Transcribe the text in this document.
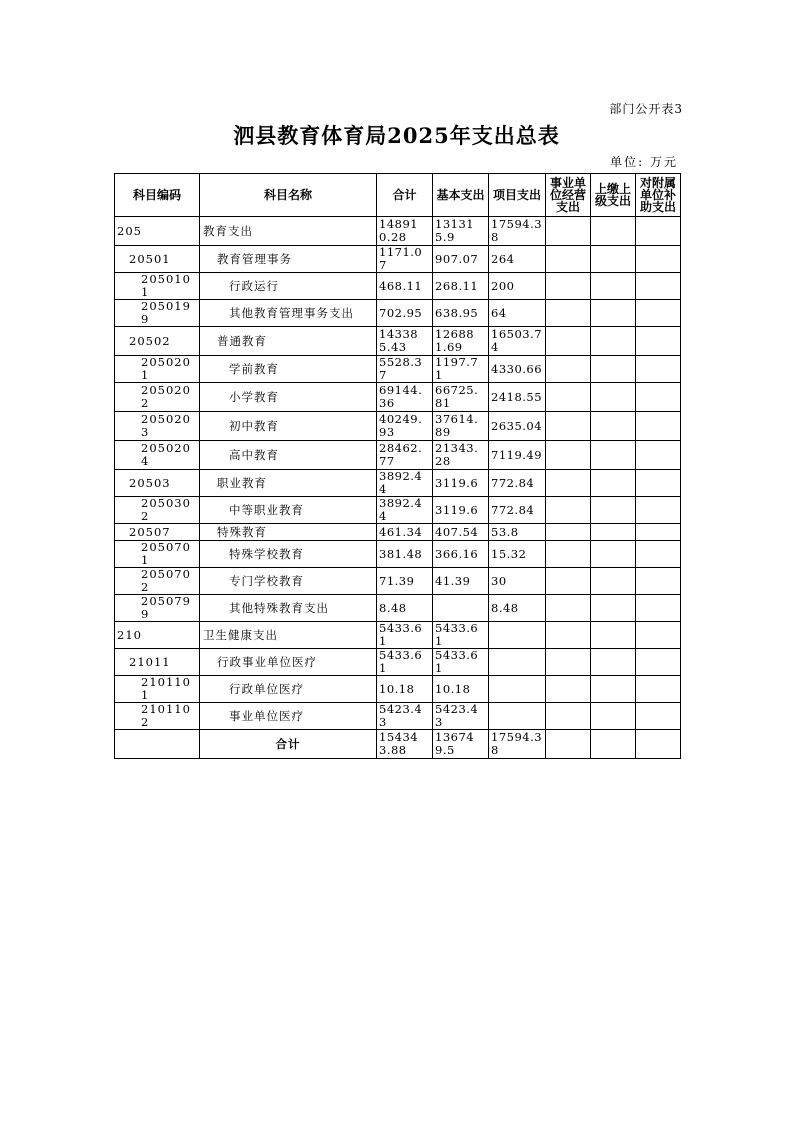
部门公开表3
泗县教育体育局2025年支出总表
单位: 万元
科目编码	科目名称	合计	基本支出	项目支出	事业单位经营支出	上缴上级支出	对附属单位补助支出
205	教育支出	148910.28	131315.9	17594.38			
20501	教育管理事务	1171.07	907.07	264			
2050101	行政运行	468.11	268.11	200			
2050199	其他教育管理事务支出	702.95	638.95	64			
20502	普通教育	143385.43	126881.69	16503.74			
2050201	学前教育	5528.37	1197.71	4330.66			
2050202	小学教育	69144.36	66725.81	2418.55			
2050203	初中教育	40249.93	37614.89	2635.04			
2050204	高中教育	28462.77	21343.28	7119.49			
20503	职业教育	3892.44	3119.6	772.84			
2050302	中等职业教育	3892.44	3119.6	772.84			
20507	特殊教育	461.34	407.54	53.8			
2050701	特殊学校教育	381.48	366.16	15.32			
2050702	专门学校教育	71.39	41.39	30			
2050799	其他特殊教育支出	8.48		8.48			
210	卫生健康支出	5433.61	5433.61				
21011	行政事业单位医疗	5433.61	5433.61				
2101101	行政单位医疗	10.18	10.18				
2101102	事业单位医疗	5423.43	5423.43				
	合计	154343.88	136749.5	17594.38			
